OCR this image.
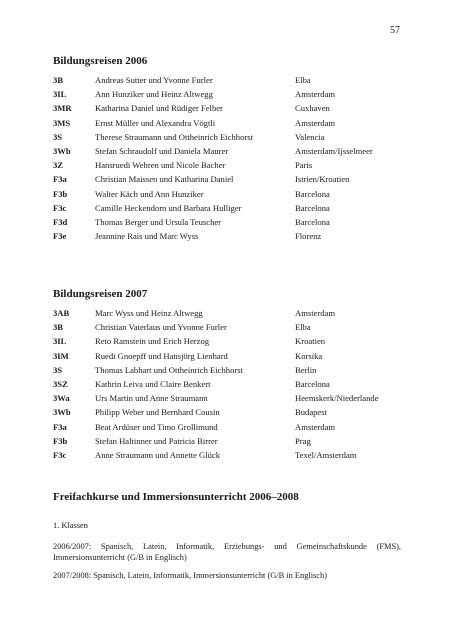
57
Bildungsreisen 2006
3B	Andreas Sutter und Yvonne Furler	Elba
3IL	Ann Hunziker und Heinz Altwegg	Amsterdam
3MR	Katharina Daniel und Rüdiger Felber	Cuxhaven
3MS	Ernst Müller und Alexandra Vögtli	Amsterdam
3S	Therese Straumann und Ottheinrich Eichhorst	Valencia
3Wb	Stefan Schraudolf und Daniela Maurer	Amsterdam/Ijsselmeer
3Z	Hansruedi Wehren und Nicole Bacher	Paris
F3a	Christian Maissen und Katharina Daniel	Istrien/Kroatien
F3b	Walter Käch und Ann Hunziker	Barcelona
F3c	Camille Heckendorn und Barbara Hulliger	Barcelona
F3d	Thomas Berger und Ursula Teuscher	Barcelona
F3e	Jeannine Rais und Marc Wyss	Florenz
Bildungsreisen 2007
3AB	Marc Wyss und Heinz Altwegg	Amsterdam
3B	Christian Vaterlaus und Yvonne Furler	Elba
3IL	Reto Ramstein und Erich Herzog	Kroatien
3IM	Ruedi Gnoepff und Hansjörg Lienhard	Korsika
3S	Thomas Labhart und Ottheinrich Eichhorst	Berlin
3SZ	Kathrin Leiva und Claire Benkert	Barcelona
3Wa	Urs Martin und Anne Straumann	Heemskerk/Niederlande
3Wb	Philipp Weber und Bernhard Cousin	Budapest
F3a	Beat Ardüser und Timo Grollimund	Amsterdam
F3b	Stefan Haltinner und Patricia Birrer	Prag
F3c	Anne Straumann und Annette Glück	Texel/Amsterdam
Freifachkurse und Immersionsunterricht 2006–2008
1. Klassen
2006/2007: Spanisch, Latein, Informatik, Erziehungs- und Gemeinschaftskunde (FMS), Immersionsunterricht (G/B in Englisch)
2007/2008: Spanisch, Latein, Informatik, Immersionsunterricht (G/B in Englisch)
